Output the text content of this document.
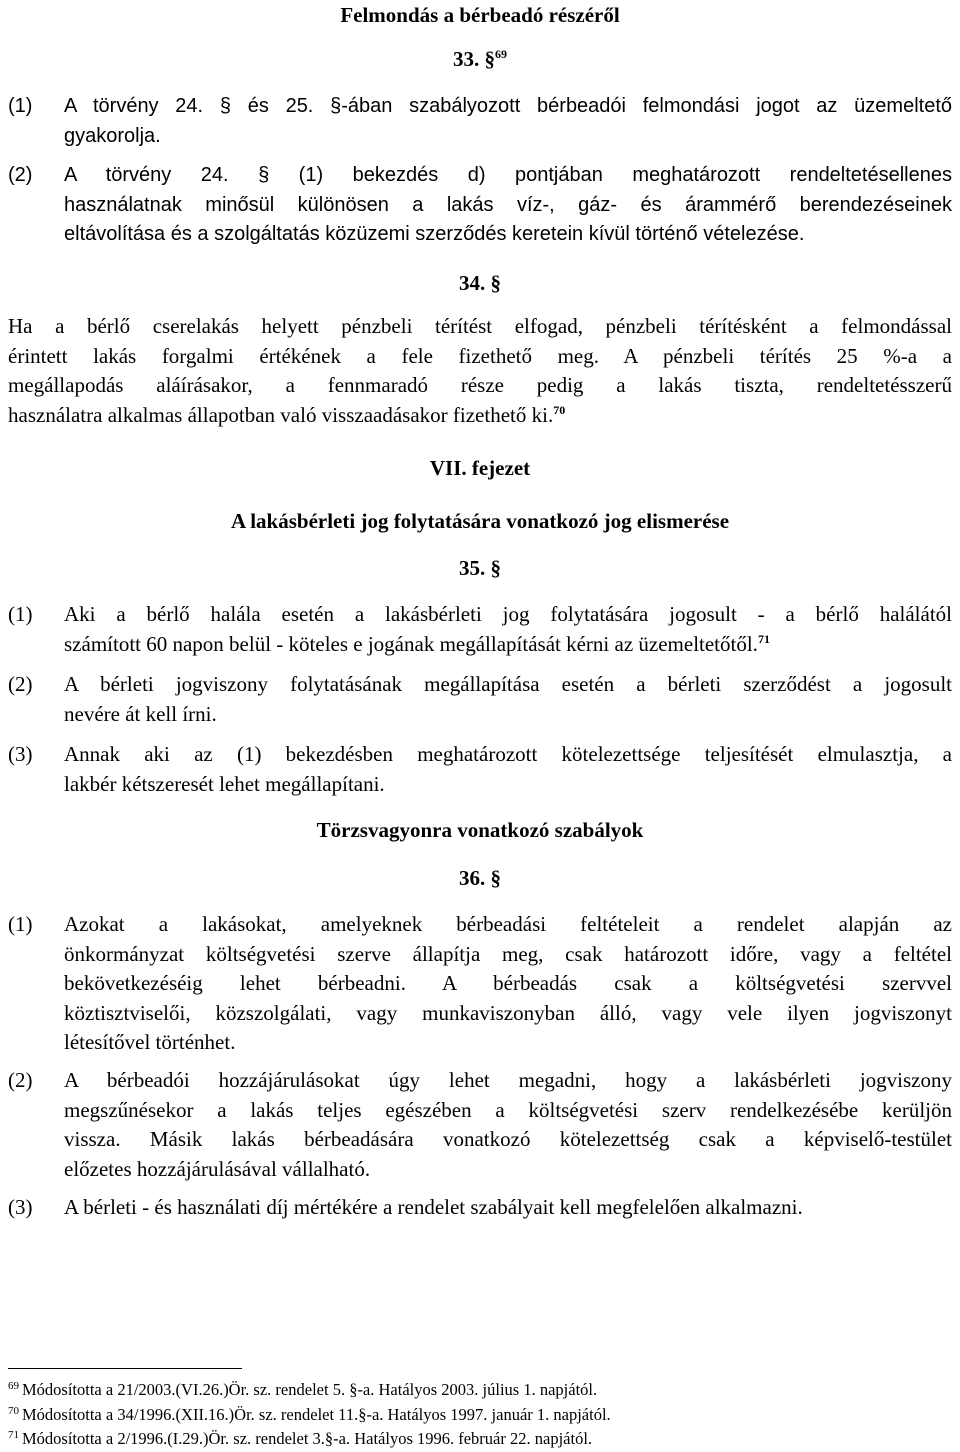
Felmondás a bérbeadó részéről
33. §$^{69}$
(1) A törvény 24. § és 25. §-ában szabályozott bérbeadói felmondási jogot az üzemeltető
gyakorolja.
(2) A törvény 24. § (1) bekezdés d) pontjában meghatározott rendeltetésellenes
használatnak minősül különösen a lakás víz-, gáz- és árammérő berendezéseinek
eltávolítása és a szolgáltatás közüzemi szerződés keretein kívül történő vételezése.
34. §
Ha a bérlő cserelakás helyett pénzbeli térítést elfogad, pénzbeli térítésként a felmondással
érintett lakás forgalmi értékének a fele fizethető meg. A pénzbeli térítés 25 %-a a
megállapodás aláírásakor, a fennmaradó része pedig a lakás tiszta, rendeltetésszerű
használatra alkalmas állapotban való visszaadásakor fizethető ki.$^{70}$
VII. fejezet
A lakásbérleti jog folytatására vonatkozó jog elismerése
35. §
(1) Aki a bérlő halála esetén a lakásbérleti jog folytatására jogosult - a bérlő halálától
számított 60 napon belül - köteles e jogának megállapítását kérni az üzemeltetőtől.$^{71}$
(2) A bérleti jogviszony folytatásának megállapítása esetén a bérleti szerződést a jogosult
nevére át kell írni.
(3) Annak aki az (1) bekezdésben meghatározott kötelezettsége teljesítését elmulasztja, a
lakbér kétszeresét lehet megállapítani.
Törzsvagyonra vonatkozó szabályok
36. §
(1) Azokat a lakásokat, amelyeknek bérbeadási feltételeit a rendelet alapján az
önkormányzat költségvetési szerve állapítja meg, csak határozott időre, vagy a feltétel
bekövetkezéséig lehet bérbeadni. A bérbeadás csak a költségvetési szervvel
köztisztviselői, közszolgálati, vagy munkaviszonyban álló, vagy vele ilyen jogviszonyt
létesítővel történhet.
(2) A bérbeadói hozzájárulásokat úgy lehet megadni, hogy a lakásbérleti jogviszony
megszűnésekor a lakás teljes egészében a költségvetési szerv rendelkezésébe kerüljön
vissza. Másik lakás bérbeadására vonatkozó kötelezettség csak a képviselő-testület
előzetes hozzájárulásával vállalható.
(3) A bérleti - és használati díj mértékére a rendelet szabályait kell megfelelően alkalmazni.
$^{69}$ Módosította a 21/2003.(VI.26.)Ör. sz. rendelet 5. §-a. Hatályos 2003. július 1. napjától.
$^{70}$ Módosította a 34/1996.(XII.16.)Ör. sz. rendelet 11.§-a. Hatályos 1997. január 1. napjától.
$^{71}$ Módosította a 2/1996.(I.29.)Ör. sz. rendelet 3.§-a. Hatályos 1996. február 22. napjától.
